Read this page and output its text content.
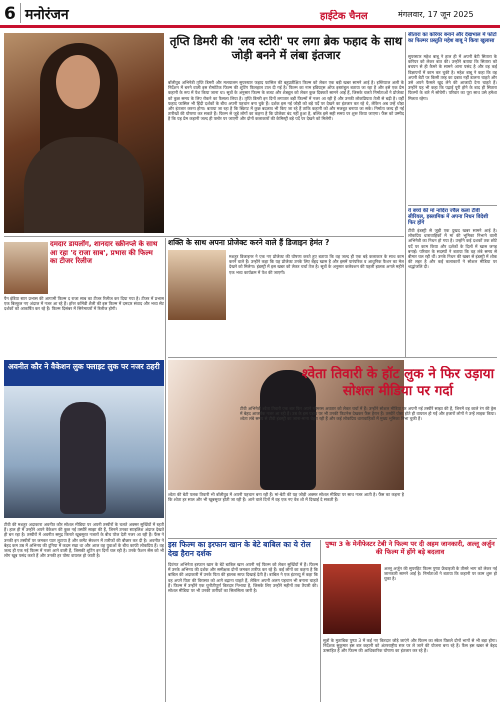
6 मनोरंजन	हाईटेक चैनल	मंगलवार, 17 जून 2025
तृप्ति डिमरी की 'लव स्टोरी' पर लगा ब्रेक फहाद के साथ जोड़ी बनने में लंबा इंतजार
बॉलीवुड अभिनेत्री तृप्ति डिमरी और मलयालम सुपरस्टार फहाद फासिल की बहुप्रतीक्षित फिल्म को लेकर एक बड़ी खबर सामने आई है। इम्तियाज अली के निर्देशन में बनने वाली इस रोमांटिक फिल्म की शूटिंग फिलहाल टाल दी गई है। फिल्म का नाम इडियट्स ऑफ इस्तांबुल बताया जा रहा है और इसे एक प्रेम कहानी के रूप में पेश किया जाना था। सूत्रों के अनुसार फिल्म के बजट और शेड्यूल को लेकर कुछ दिक्कतें सामने आई हैं, जिसके चलते निर्माताओं ने प्रोजेक्ट को कुछ समय के लिए रोकने का फैसला लिया है। तृप्ति डिमरी इन दिनों लगातार बड़ी फिल्मों में नजर आ रही हैं और उनकी लोकप्रियता तेजी से बढ़ी है। वहीं फहाद फासिल भी हिंदी दर्शकों के बीच अपनी पहचान बना चुके हैं। दर्शक इस नई जोड़ी को बड़े पर्दे पर देखने का इंतजार कर रहे थे, लेकिन अब उन्हें थोड़ा और इंतजार करना होगा। बताया जा रहा है कि स्क्रिप्ट में कुछ बदलाव भी किए जा रहे हैं ताकि कहानी को और मजबूत बनाया जा सके। निर्माता जल्द ही नई तारीखों की घोषणा कर सकते हैं। फिल्म से जुड़े लोगों का कहना है कि प्रोजेक्ट बंद नहीं हुआ है, बल्कि इसे सही समय पर शुरू किया जाएगा। फैंस को उम्मीद है कि यह प्रेम कहानी जल्द ही फ्लोर पर जाएगी और दोनों कलाकारों की केमिस्ट्री बड़े पर्दे पर देखने को मिलेगी।
सीतारा का करियर बनाने और देखभाल में फोटो का फिल्मर प्रस्तुति महेश बाबू ने किया खुलासा
सुपरस्टार महेश बाबू ने हाल ही में अपनी बेटी सितारा के करियर को लेकर बात की। उन्होंने बताया कि सितारा को बचपन से ही कैमरे के सामने आना पसंद है और वह कई विज्ञापनों में काम कर चुकी है। महेश बाबू ने कहा कि वह अपनी बेटी पर किसी तरह का दबाव नहीं डालना चाहते और उसे अपने फैसले खुद लेने की आजादी देना चाहते हैं। उन्होंने यह भी कहा कि पढ़ाई पूरी होने के बाद ही सितारा फिल्मों के बारे में सोचेगी। परिवार का पूरा साथ उसे हमेशा मिलता रहेगा।
ये बच्चे की मां नादिरा ज्वैल कला टीवी सीरियल, इस्लामिक में अपना निधन विदेशी फिर होंगे
टीवी इंडस्ट्री से जुड़ी एक दुखद खबर सामने आई है। लोकप्रिय धारावाहिकों में मां की भूमिका निभाने वाली अभिनेत्री का निधन हो गया है। उन्होंने कई दशकों तक छोटे पर्दे पर काम किया और दर्शकों के दिलों में खास जगह बनाई। परिवार के सदस्यों ने बताया कि वह लंबे समय से बीमार चल रही थीं। उनके निधन की खबर से इंडस्ट्री में शोक की लहर है और कई कलाकारों ने सोशल मीडिया पर श्रद्धांजलि दी।
दमदार डायलॉग, शानदार स्क्रीनप्ले के साथ आ रहा 'द राजा साब', प्रभास की फिल्म का टीजर रिलीज
पैन इंडिया स्टार प्रभास की आगामी फिल्म द राजा साब का टीजर रिलीज कर दिया गया है। टीजर में प्रभास एक बिल्कुल नए अंदाज में नजर आ रहे हैं। हॉरर कॉमेडी शैली की इस फिल्म में दमदार संवाद और भव्य सेट दर्शकों को आकर्षित कर रहे हैं। फिल्म दिसंबर में सिनेमाघरों में रिलीज होगी।
शक्ति के साथ अपना प्रोजेक्ट करने वाले हैं डिजाइन हेमंत ?
मशहूर डिजाइनर ने एक नए प्रोजेक्ट की घोषणा करते हुए बताया कि वह जल्द ही एक बड़े कलाकार के साथ काम करने वाले हैं। उन्होंने कहा कि यह प्रोजेक्ट उनके लिए बेहद खास है और इसमें पारंपरिक व आधुनिक फैशन का मेल देखने को मिलेगा। इंडस्ट्री में इस खबर को लेकर चर्चा तेज है। सूत्रों के अनुसार कलेक्शन की पहली झलक अगले महीने एक भव्य कार्यक्रम में पेश की जाएगी।
अवनीत कौर ने वैकेशन लुक फ्लाइट लुक पर नजर ठहरी
टीवी की मशहूर अदाकारा अवनीत कौर सोशल मीडिया पर अपनी तस्वीरों के चलते अक्सर सुर्खियों में रहती हैं। हाल ही में उन्होंने अपने वैकेशन की कुछ नई तस्वीरें साझा की हैं, जिनमें उनका स्टाइलिश अंदाज देखते ही बन रहा है। तस्वीरों में अवनीत समुद्र किनारे खूबसूरत नजारों के बीच पोज देती नजर आ रही हैं। फैंस ने उनकी इन तस्वीरों पर जमकर प्यार लुटाया है और कमेंट सेक्शन में तारीफों की बौछार कर दी है। अवनीत ने बेहद कम उम्र में अभिनय की दुनिया में कदम रखा था और आज वह युवाओं के बीच काफी लोकप्रिय हैं। वह जल्द ही एक नई फिल्म में नजर आने वाली हैं, जिसकी शूटिंग इन दिनों चल रही है। उनके फैशन सेंस को भी लोग खूब पसंद करते हैं और उनकी हर पोस्ट वायरल हो जाती है।
श्वेता तिवारी के हॉट लुक ने फिर उड़ाया सोशल मीडिया पर गर्दा
टीवी अभिनेत्री श्वेता तिवारी एक बार फिर अपने ग्लैमरस अवतार को लेकर चर्चा में हैं। उन्होंने सोशल मीडिया पर अपनी नई तस्वीरें साझा की हैं, जिनमें वह काले रंग की ड्रेस में बेहद आकर्षक नजर आ रही हैं। उम्र के इस पड़ाव पर भी उनकी फिटनेस देखकर फैंस हैरान हैं। तस्वीरें पोस्ट होते ही वायरल हो गईं और हजारों लोगों ने उन्हें लाइक किया। श्वेता लंबे समय से टीवी इंडस्ट्री का जाना-माना चेहरा रही हैं और कई लोकप्रिय धारावाहिकों में मुख्य भूमिका निभा चुकी हैं।
श्वेता की बेटी पलक तिवारी भी बॉलीवुड में अपनी पहचान बना रही हैं। मां-बेटी की यह जोड़ी अक्सर सोशल मीडिया पर साथ नजर आती है। फैंस का कहना है कि श्वेता हर साल और भी खूबसूरत होती जा रही हैं। आने वाले दिनों में वह एक नए वेब शो में दिखाई दे सकती हैं।
इस फिल्म का इरफान खान के बेटे बाबिल का ये रोल देख हैरान दर्शक
दिवंगत अभिनेता इरफान खान के बेटे बाबिल खान अपनी नई फिल्म को लेकर सुर्खियों में हैं। फिल्म में उनके अभिनय की दर्शक और समीक्षक दोनों जमकर तारीफ कर रहे हैं। कई लोगों का कहना है कि बाबिल की अदाकारी में उनके पिता की झलक साफ दिखाई देती है। बाबिल ने एक इंटरव्यू में कहा कि वह अपने पिता की विरासत को आगे बढ़ाना चाहते हैं, लेकिन अपनी अलग पहचान भी बनाना चाहते हैं। फिल्म में उन्होंने एक चुनौतीपूर्ण किरदार निभाया है, जिसके लिए उन्होंने महीनों तक तैयारी की। सोशल मीडिया पर भी उनकी तारीफों का सिलसिला जारी है।
पुष्पा 3 के मेनीफेस्टर टेबी ने फिल्म पर दी अहम जानकारी, अल्लू अर्जुन की फिल्म में होंगे बड़े बदलाव
अल्लू अर्जुन की सुपरहिट फिल्म पुष्पा फ्रेंचाइजी के तीसरे भाग को लेकर नई जानकारी सामने आई है। निर्माताओं ने बताया कि कहानी पर काम शुरू हो चुका है।
सूत्रों के मुताबिक पुष्पा 3 में कई नए किरदार जोड़े जाएंगे और फिल्म का स्केल पिछले दोनों भागों से भी बड़ा होगा। निर्देशक सुकुमार इस बार कहानी को अंतरराष्ट्रीय स्तर पर ले जाने की योजना बना रहे हैं। फैंस इस खबर से बेहद उत्साहित हैं और फिल्म की आधिकारिक घोषणा का इंतजार कर रहे हैं।
